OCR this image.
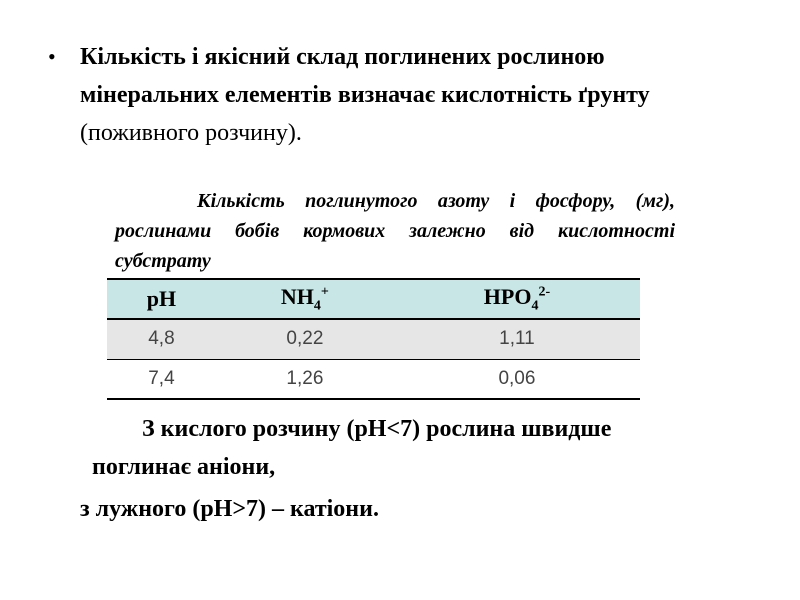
•	Кількість і якісний склад поглинених рослиною мінеральних елементів визначає кислотність ґрунту (поживного розчину).
Кількість поглинутого азоту і фосфору, (мг), рослинами бобів кормових залежно від кислотності субстрату
pH	$NH_4^+$	$HPO_4^{2-}$
4,8	0,22	1,11
7,4	1,26	0,06
З кислого розчину (pH<7) рослина швидше поглинає аніони,
з лужного (pH>7) – катіони.
